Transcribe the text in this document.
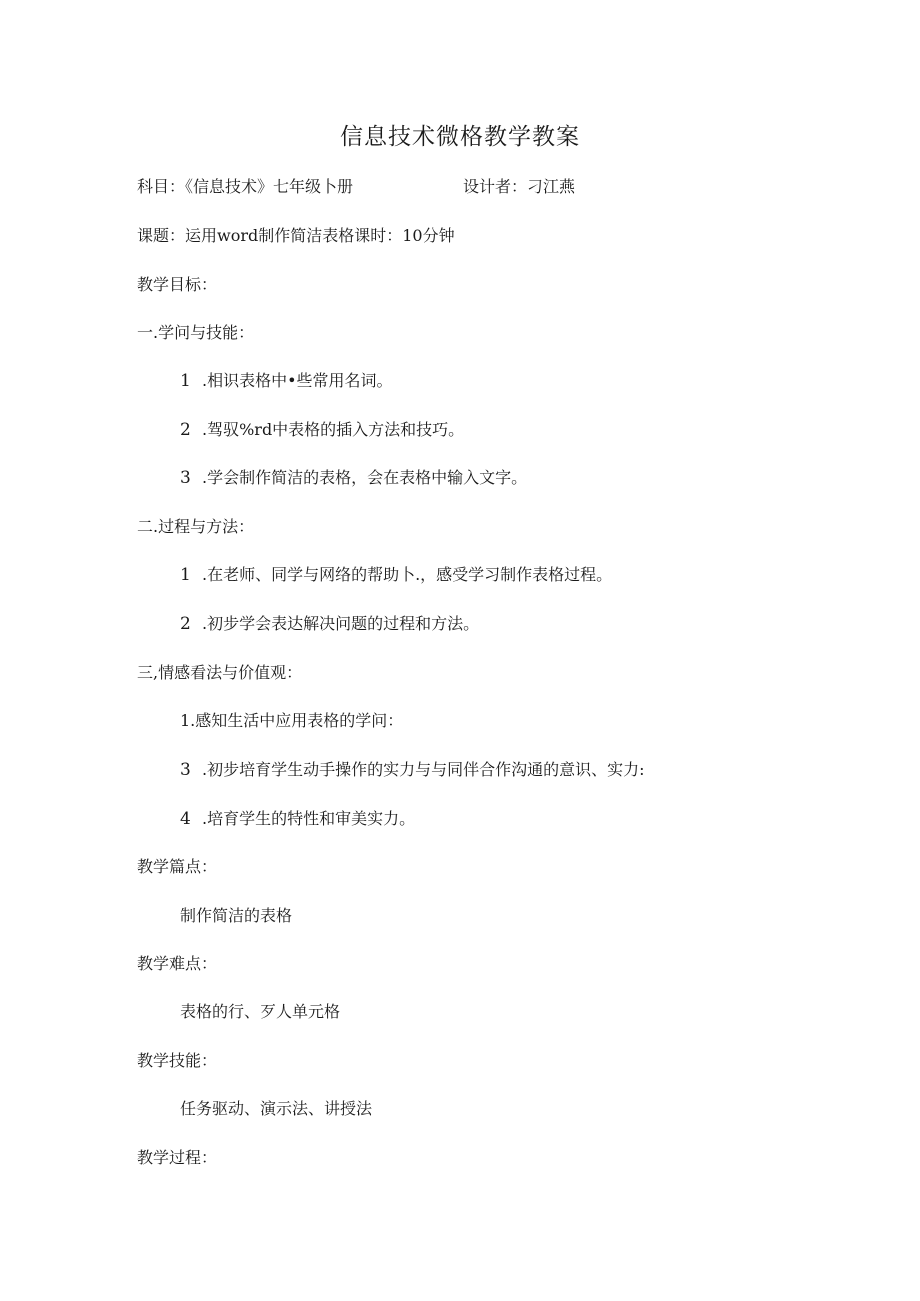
信息技术微格教学教案
科目：《信息技术》七年级卜册	设计者：刁江燕
课题：运用word制作简洁表格课时：10分钟
教学目标：
一.学问与技能：
1 .相识表格中•些常用名词。
2 .驾驭%rd中表格的插入方法和技巧。
3 .学会制作简洁的表格，会在表格中输入文字。
二.过程与方法：
1 .在老师、同学与网络的帮助卜.，感受学习制作表格过程。
2 .初步学会表达解决问题的过程和方法。
三,情感看法与价值观：
1.感知生活中应用表格的学问：
3 .初步培育学生动手操作的实力与与同伴合作沟通的意识、实力:
4 .培育学生的特性和审美实力。
教学篇点：
制作简洁的表格
教学难点：
表格的行、歹人单元格
教学技能：
任务驱动、演示法、讲授法
教学过程：
